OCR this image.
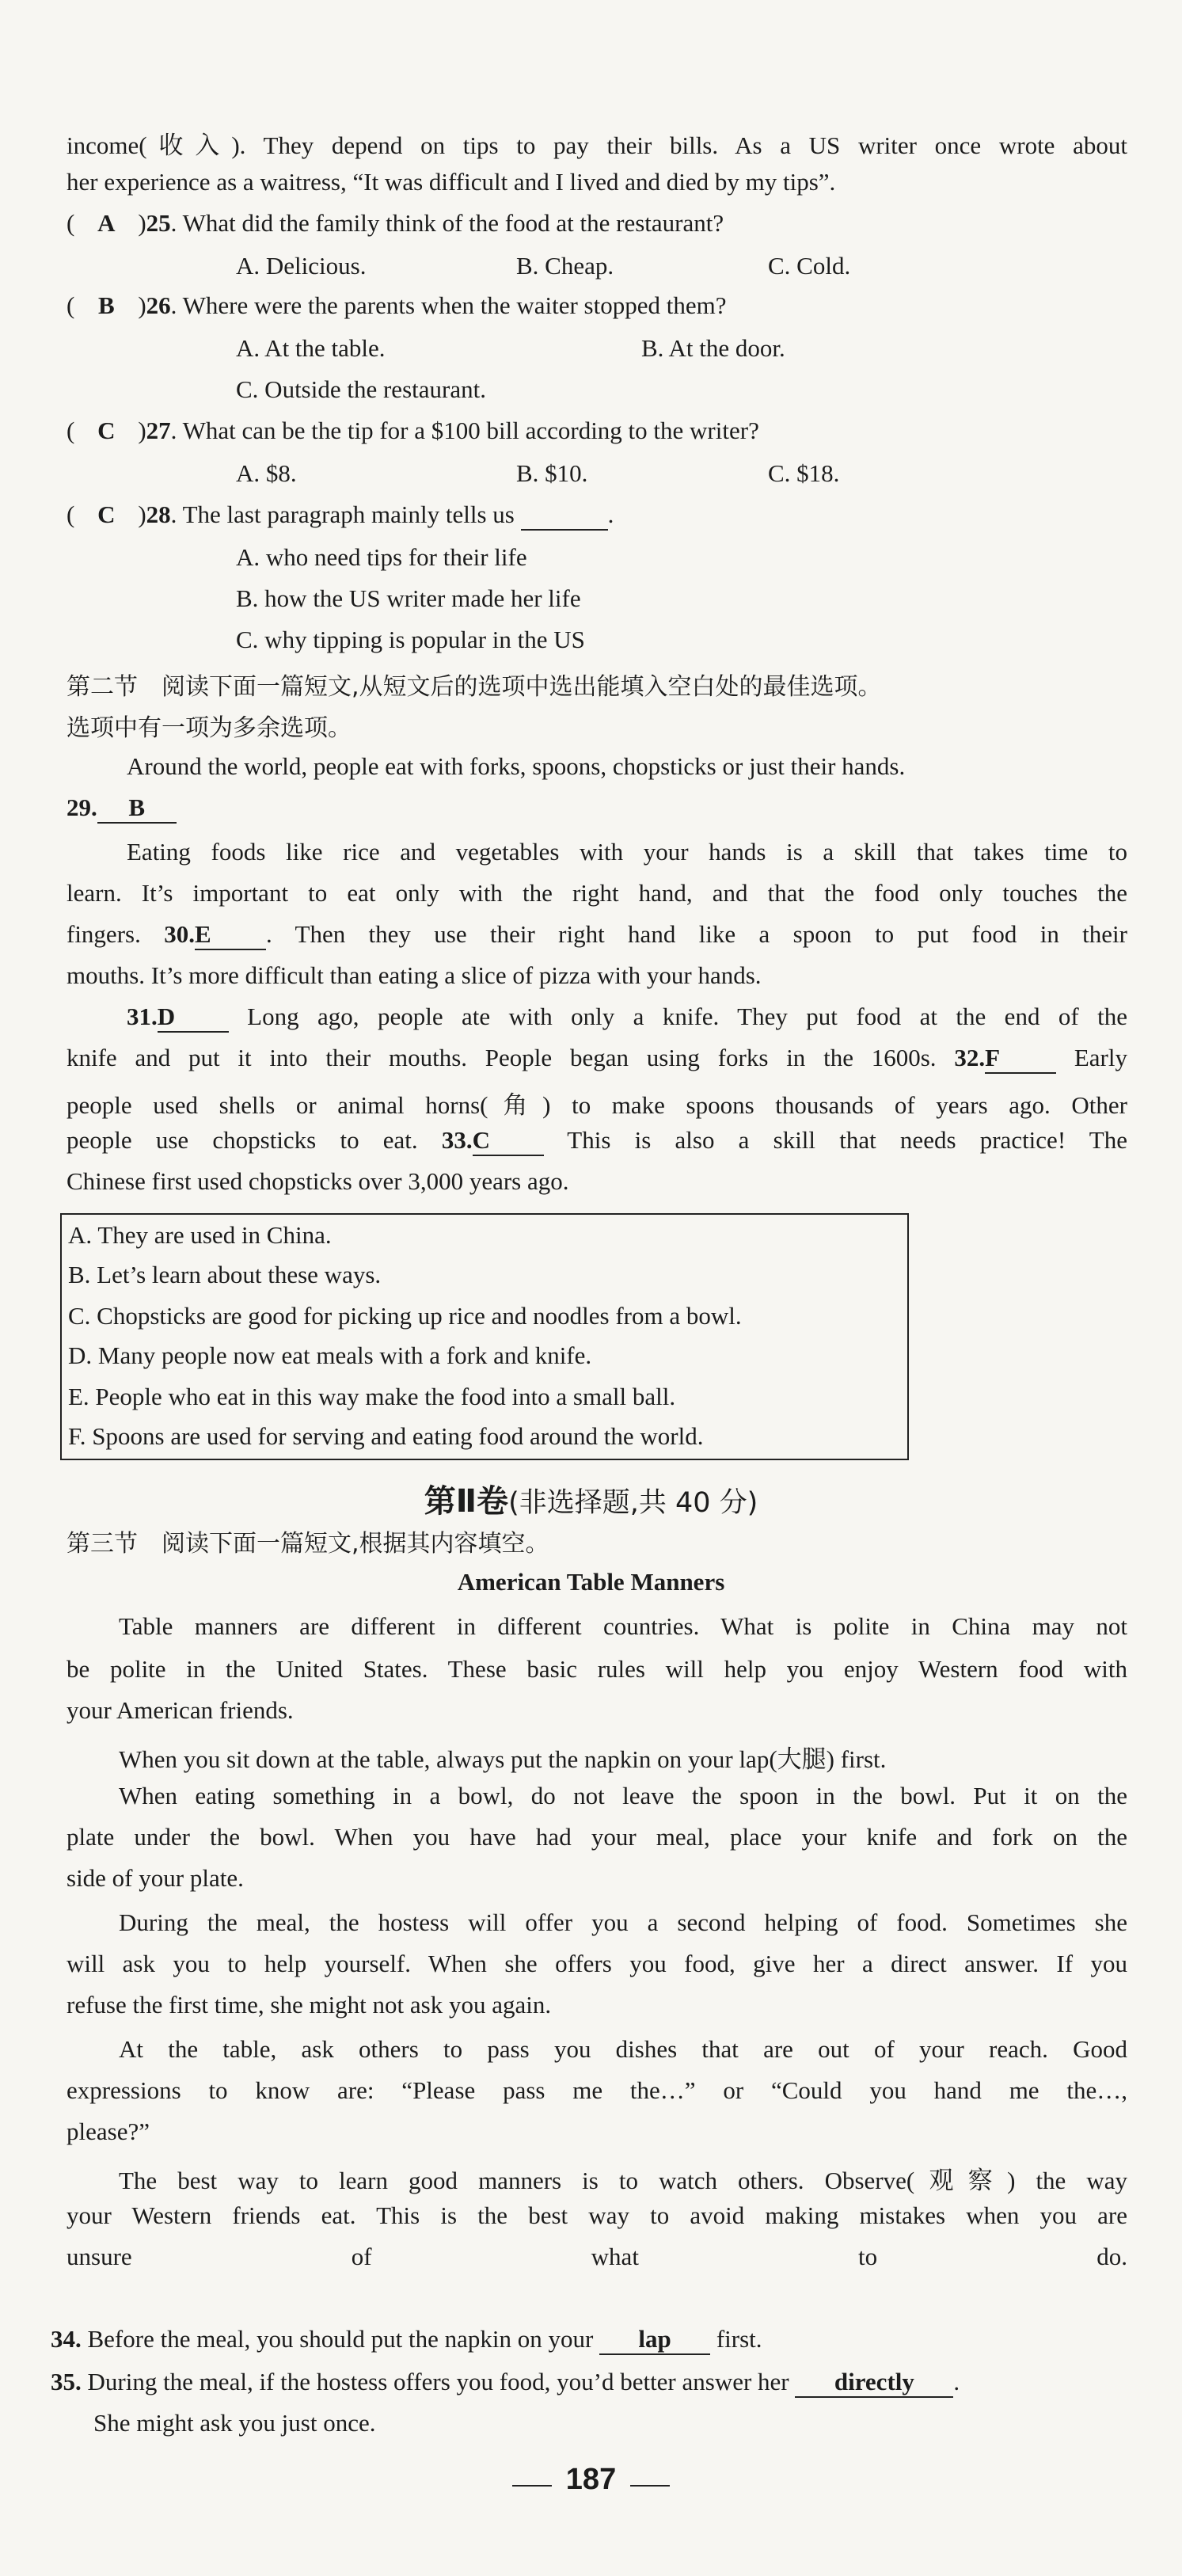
income(收入). They depend on tips to pay their bills. As a US writer once wrote about
her experience as a waitress, “It was difficult and I lived and died by my tips”.
( A )25. What did the family think of the food at the restaurant?
A. Delicious.	B. Cheap.	C. Cold.
( B )26. Where were the parents when the waiter stopped them?
A. At the table.	B. At the door.
C. Outside the restaurant.
( C )27. What can be the tip for a $100 bill according to the writer?
A. $8.	B. $10.	C. $18.
( C )28. The last paragraph mainly tells us	.
A. who need tips for their life
B. how the US writer made her life
C. why tipping is popular in the US
第二节　阅读下面一篇短文,从短文后的选项中选出能填入空白处的最佳选项。
选项中有一项为多余选项。
Around the world, people eat with forks, spoons, chopsticks or just their hands.
29. B
Eating foods like rice and vegetables with your hands is a skill that takes time to
learn. It’s important to eat only with the right hand, and that the food only touches the
fingers. 30.E . Then they use their right hand like a spoon to put food in their
mouths. It’s more difficult than eating a slice of pizza with your hands.
31.D Long ago, people ate with only a knife. They put food at the end of the
knife and put it into their mouths. People began using forks in the 1600s. 32.F Early
people used shells or animal horns(角) to make spoons thousands of years ago. Other
people use chopsticks to eat. 33.C This is also a skill that needs practice! The
Chinese first used chopsticks over 3,000 years ago.
A. They are used in China.
B. Let’s learn about these ways.
C. Chopsticks are good for picking up rice and noodles from a bowl.
D. Many people now eat meals with a fork and knife.
E. People who eat in this way make the food into a small ball.
F. Spoons are used for serving and eating food around the world.
第Ⅱ卷(非选择题,共 40 分)
第三节　阅读下面一篇短文,根据其内容填空。
American Table Manners
Table manners are different in different countries. What is polite in China may not
be polite in the United States. These basic rules will help you enjoy Western food with
your American friends.
When you sit down at the table, always put the napkin on your lap(大腿) first.
When eating something in a bowl, do not leave the spoon in the bowl. Put it on the
plate under the bowl. When you have had your meal, place your knife and fork on the
side of your plate.
During the meal, the hostess will offer you a second helping of food. Sometimes she
will ask you to help yourself. When she offers you food, give her a direct answer. If you
refuse the first time, she might not ask you again.
At the table, ask others to pass you dishes that are out of your reach. Good
expressions to know are: “Please pass me the…” or “Could you hand me the…,
please?”
The best way to learn good manners is to watch others. Observe(观察) the way
your Western friends eat. This is the best way to avoid making mistakes when you are
unsure of what to do.
34. Before the meal, you should put the napkin on your lap first.
35. During the meal, if the hostess offers you food, you’d better answer her directly .
She might ask you just once.
187
